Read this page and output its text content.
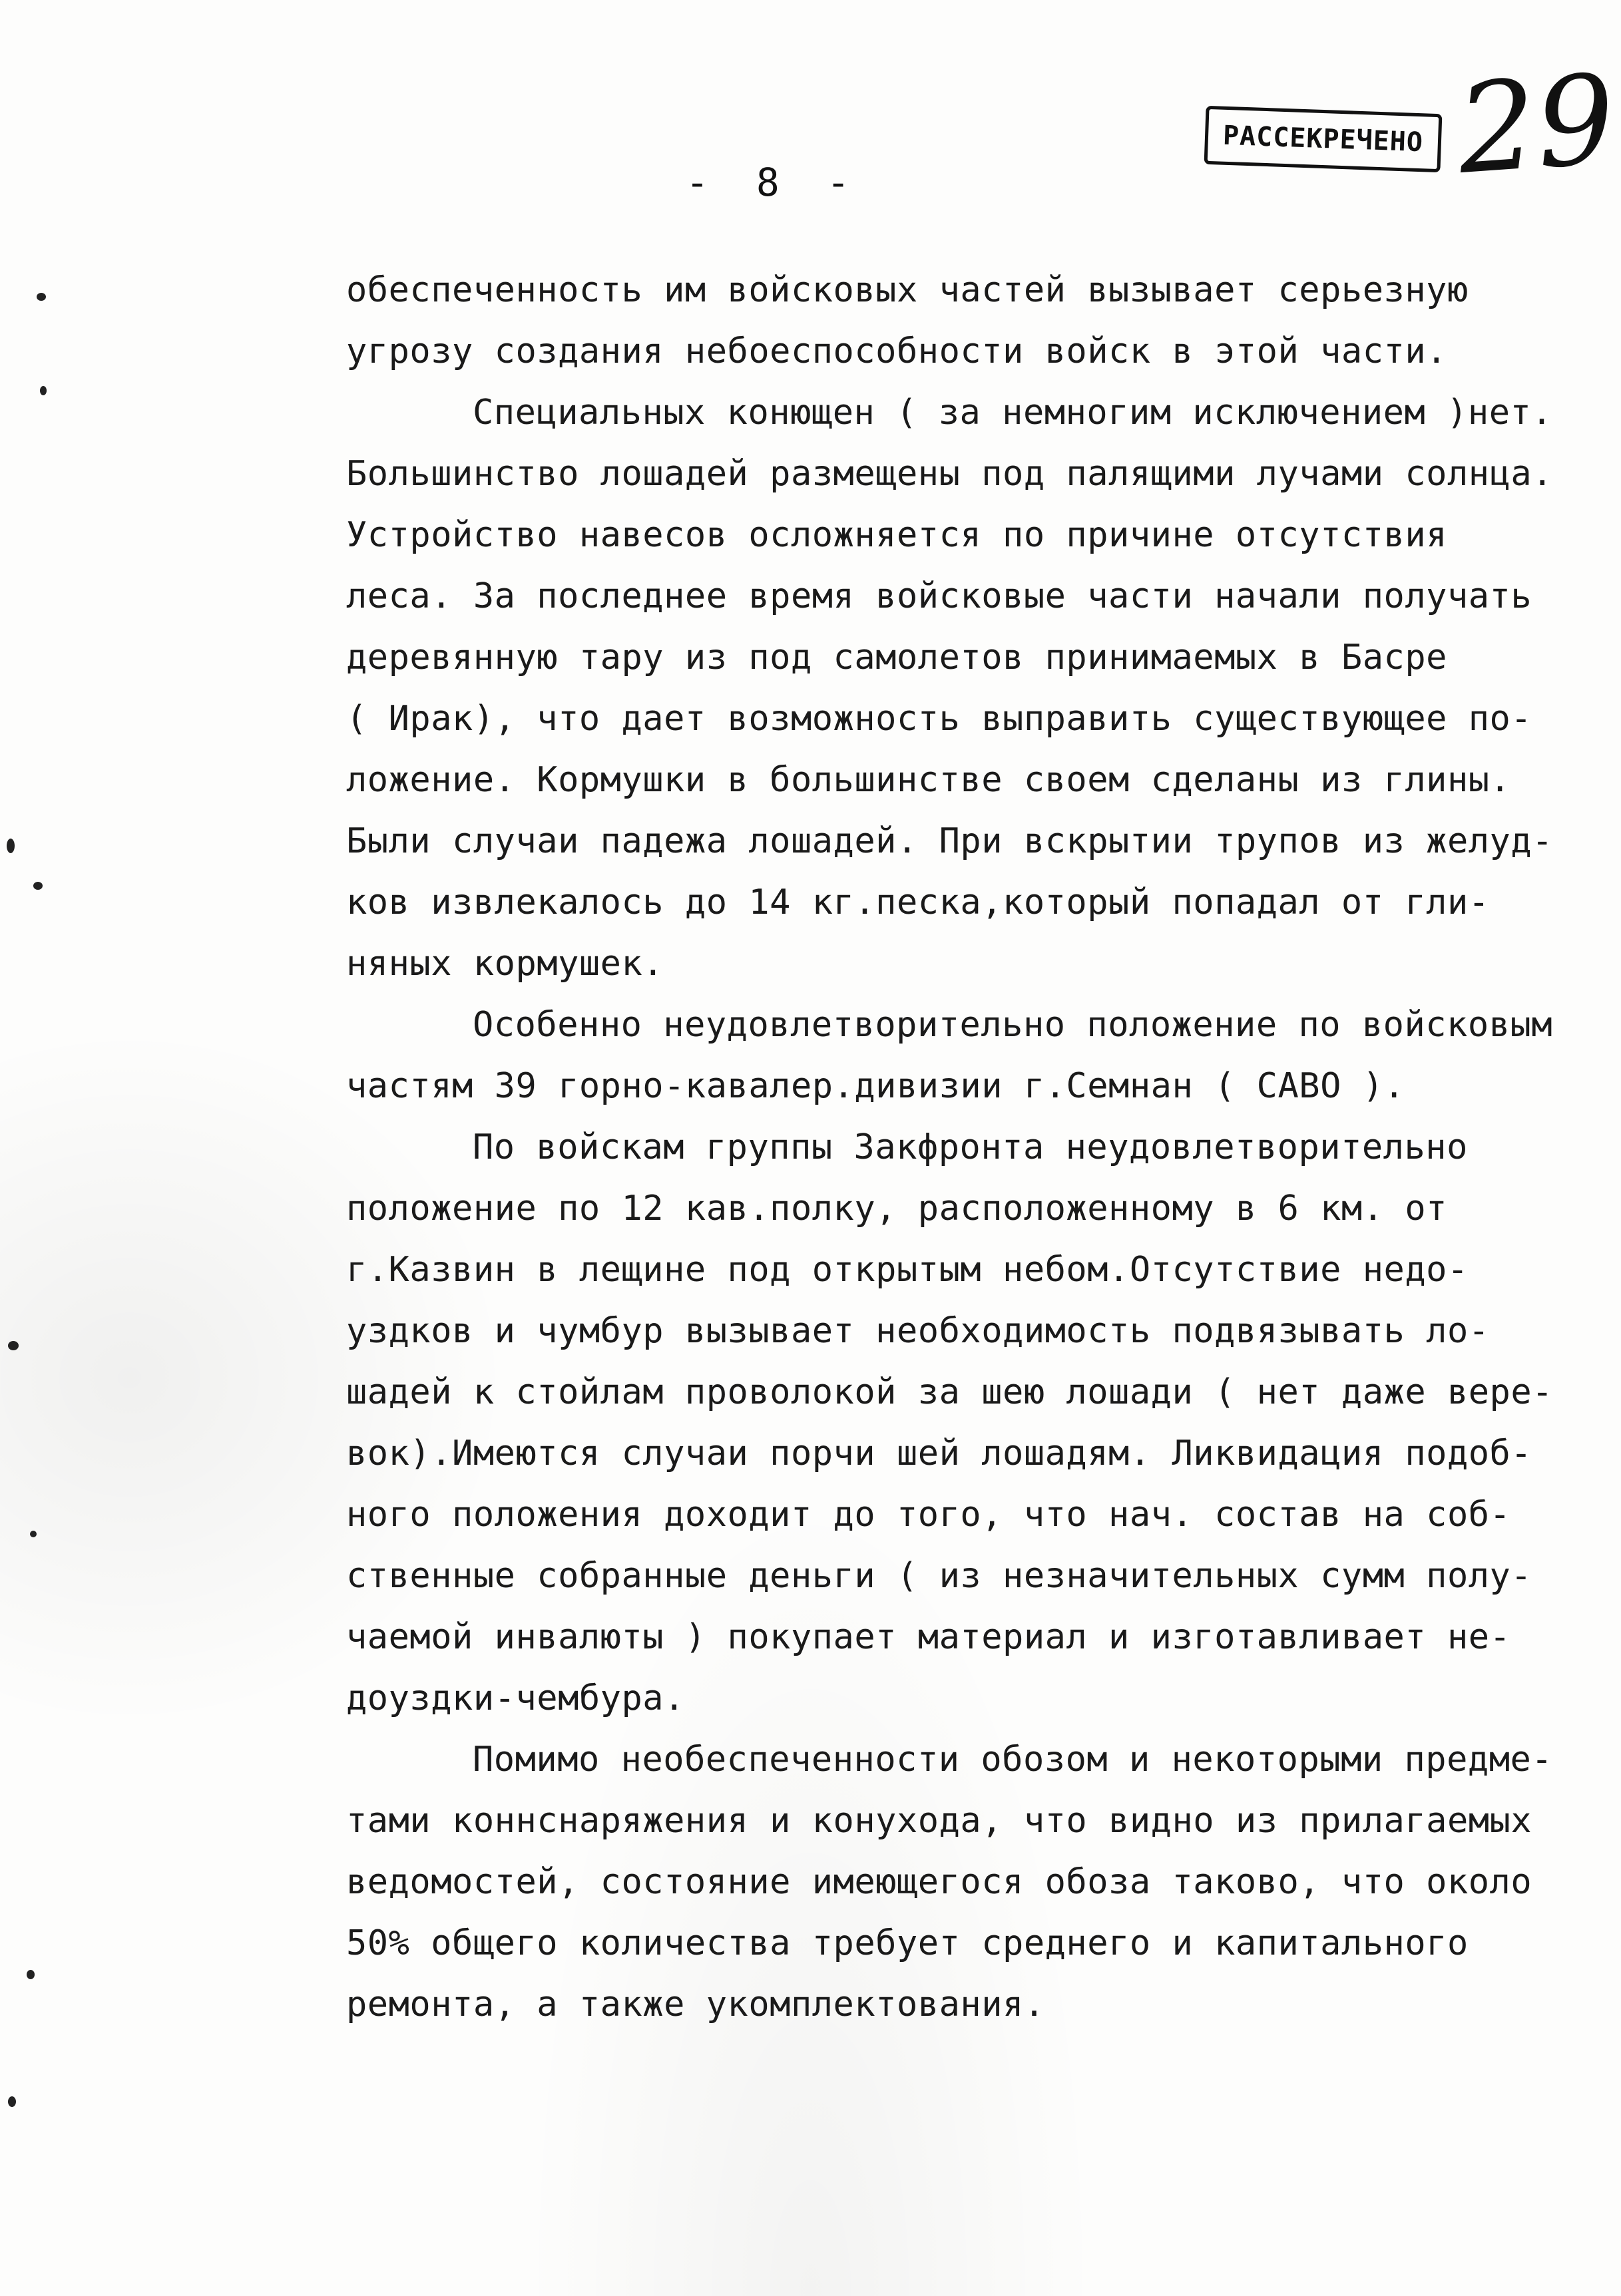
РАССЕКРЕЧЕНО 29
- 8 -
обеспеченность им войсковых частей вызывает серьезную
угрозу создания небоеспособности войск в этой части.
Специальных конющен ( за немногим исключением )нет.
Большинство лошадей размещены под палящими лучами солнца.
Устройство навесов осложняется по причине отсутствия
леса. За последнее время войсковые части начали получать
деревянную тару из под самолетов принимаемых в Басре
( Ирак), что дает возможность выправить существующее по-
ложение. Кормушки в большинстве своем сделаны из глины.
Были случаи падежа лошадей. При вскрытии трупов из желуд-
ков извлекалось до 14 кг.песка,который попадал от гли-
няных кормушек.
Особенно неудовлетворительно положение по войсковым
частям 39 горно-кавалер.дивизии г.Семнан ( САВО ).
По войскам группы Закфронта неудовлетворительно
положение по 12 кав.полку, расположенному в 6 км. от
г.Казвин в лещине под открытым небом.Отсутствие недо-
уздков и чумбур вызывает необходимость подвязывать ло-
шадей к стойлам проволокой за шею лошади ( нет даже вере-
вок).Имеются случаи порчи шей лошадям. Ликвидация подоб-
ного положения доходит до того, что нач. состав на соб-
ственные собранные деньги ( из незначительных сумм полу-
чаемой инвалюты ) покупает материал и изготавливает не-
доуздки-чембура.
Помимо необеспеченности обозом и некоторыми предме-
тами коннснаряжения и конухода, что видно из прилагаемых
ведомостей, состояние имеющегося обоза таково, что около
50% общего количества требует среднего и капитального
ремонта, а также укомплектования.
